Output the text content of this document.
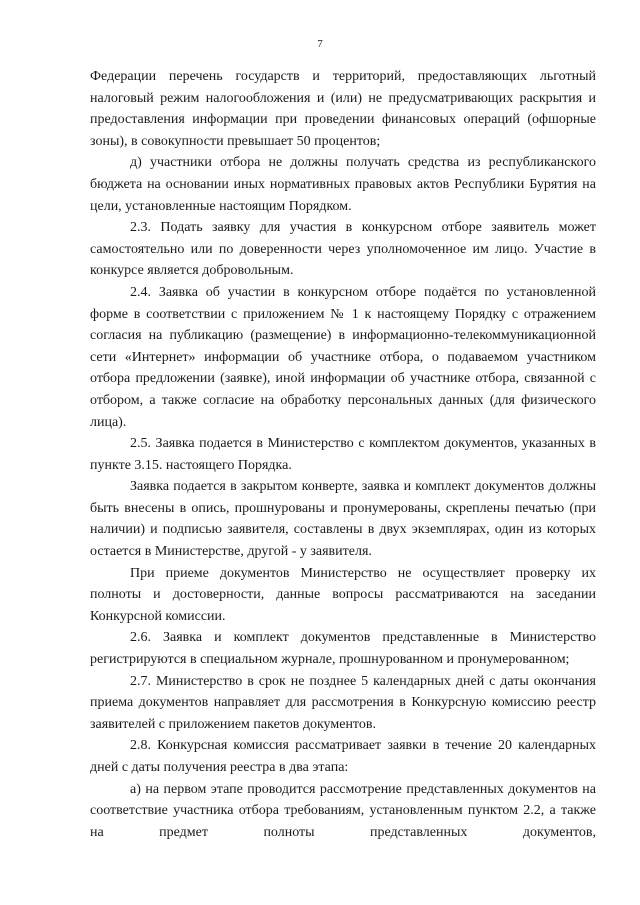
7

Федерации перечень государств и территорий, предоставляющих льготный налоговый режим налогообложения и (или) не предусматривающих раскрытия и предоставления информации при проведении финансовых операций (офшорные зоны), в совокупности превышает 50 процентов;

д) участники отбора не должны получать средства из республиканского бюджета на основании иных нормативных правовых актов Республики Бурятия на цели, установленные настоящим Порядком.

2.3. Подать заявку для участия в конкурсном отборе заявитель может самостоятельно или по доверенности через уполномоченное им лицо. Участие в конкурсе является добровольным.

2.4. Заявка об участии в конкурсном отборе подаётся по установленной форме в соответствии с приложением № 1 к настоящему Порядку с отражением согласия на публикацию (размещение) в информационно-телекоммуникационной сети «Интернет» информации об участнике отбора, о подаваемом участником отбора предложении (заявке), иной информации об участнике отбора, связанной с отбором, а также согласие на обработку персональных данных (для физического лица).

2.5. Заявка подается в Министерство с комплектом документов, указанных в пункте 3.15. настоящего Порядка.

Заявка подается в закрытом конверте, заявка и комплект документов должны быть внесены в опись, прошнурованы и пронумерованы, скреплены печатью (при наличии) и подписью заявителя, составлены в двух экземплярах, один из которых остается в Министерстве, другой - у заявителя.

При приеме документов Министерство не осуществляет проверку их полноты и достоверности, данные вопросы рассматриваются на заседании Конкурсной комиссии.

2.6. Заявка и комплект документов представленные в Министерство регистрируются в специальном журнале, прошнурованном и пронумерованном;

2.7. Министерство в срок не позднее 5 календарных дней с даты окончания приема документов направляет для рассмотрения в Конкурсную комиссию реестр заявителей с приложением пакетов документов.

2.8. Конкурсная комиссия рассматривает заявки в течение 20 календарных дней с даты получения реестра в два этапа:

а) на первом этапе проводится рассмотрение представленных документов на соответствие участника отбора требованиям, установленным пунктом 2.2, а также на предмет полноты представленных документов,
